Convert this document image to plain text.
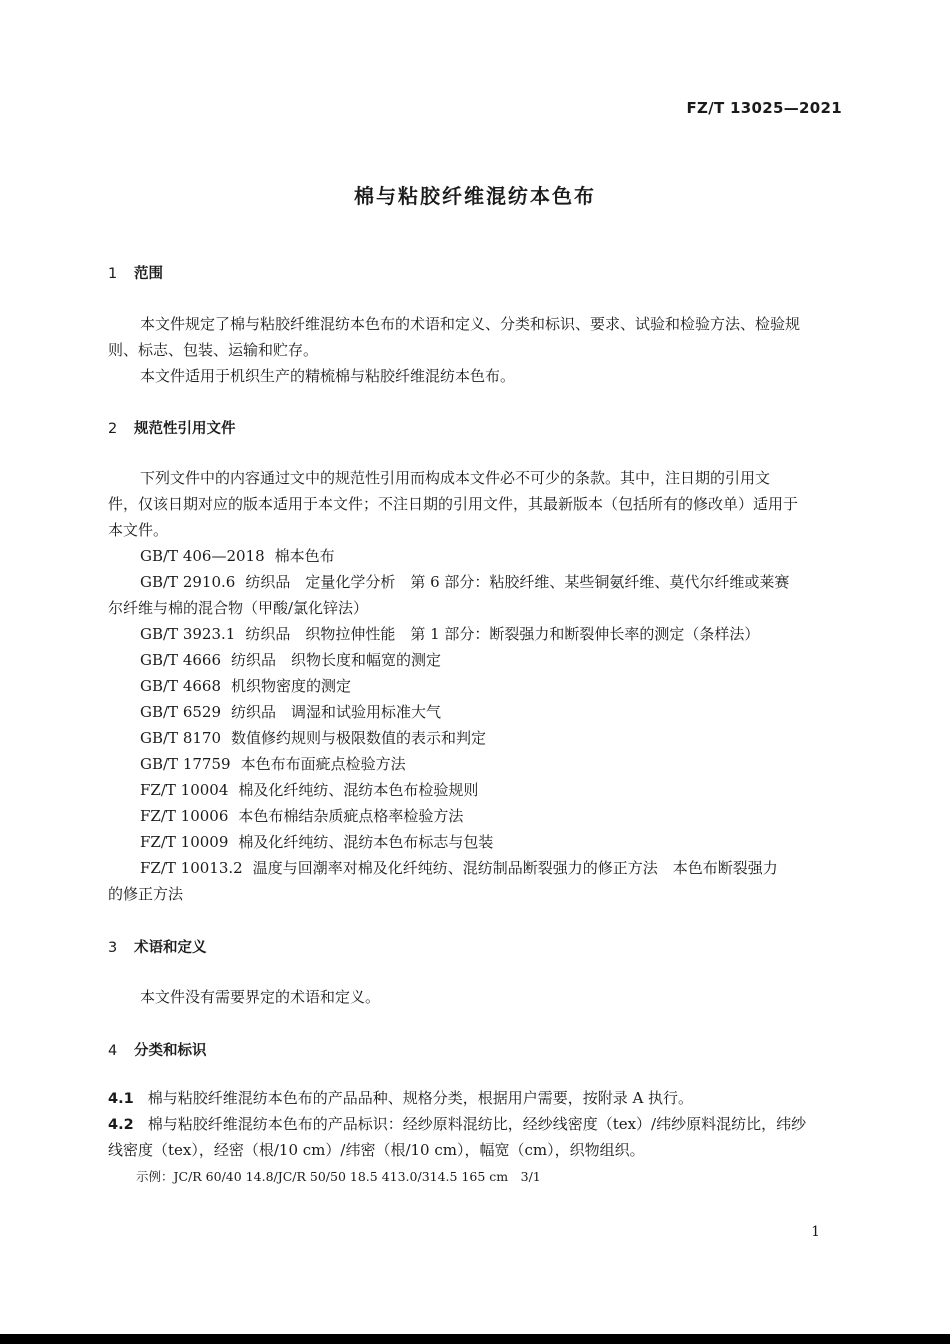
FZ/T 13025—2021
棉与粘胶纤维混纺本色布
1 范围
本文件规定了棉与粘胶纤维混纺本色布的术语和定义、分类和标识、要求、试验和检验方法、检验规
则、标志、包装、运输和贮存。
本文件适用于机织生产的精梳棉与粘胶纤维混纺本色布。
2 规范性引用文件
下列文件中的内容通过文中的规范性引用而构成本文件必不可少的条款。其中，注日期的引用文
件，仅该日期对应的版本适用于本文件；不注日期的引用文件，其最新版本（包括所有的修改单）适用于
本文件。
GB/T 406—2018 棉本色布
GB/T 2910.6 纺织品　定量化学分析　第 6 部分：粘胶纤维、某些铜氨纤维、莫代尔纤维或莱赛
尔纤维与棉的混合物（甲酸/氯化锌法）
GB/T 3923.1 纺织品　织物拉伸性能　第 1 部分：断裂强力和断裂伸长率的测定（条样法）
GB/T 4666 纺织品　织物长度和幅宽的测定
GB/T 4668 机织物密度的测定
GB/T 6529 纺织品　调湿和试验用标准大气
GB/T 8170 数值修约规则与极限数值的表示和判定
GB/T 17759 本色布布面疵点检验方法
FZ/T 10004 棉及化纤纯纺、混纺本色布检验规则
FZ/T 10006 本色布棉结杂质疵点格率检验方法
FZ/T 10009 棉及化纤纯纺、混纺本色布标志与包装
FZ/T 10013.2 温度与回潮率对棉及化纤纯纺、混纺制品断裂强力的修正方法　本色布断裂强力
的修正方法
3 术语和定义
本文件没有需要界定的术语和定义。
4 分类和标识
4.1 棉与粘胶纤维混纺本色布的产品品种、规格分类，根据用户需要，按附录 A 执行。
4.2 棉与粘胶纤维混纺本色布的产品标识：经纱原料混纺比，经纱线密度（tex）/纬纱原料混纺比，纬纱
线密度（tex），经密（根/10 cm）/纬密（根/10 cm），幅宽（cm），织物组织。
示例：JC/R 60/40 14.8/JC/R 50/50 18.5 413.0/314.5 165 cm　3/1
1
